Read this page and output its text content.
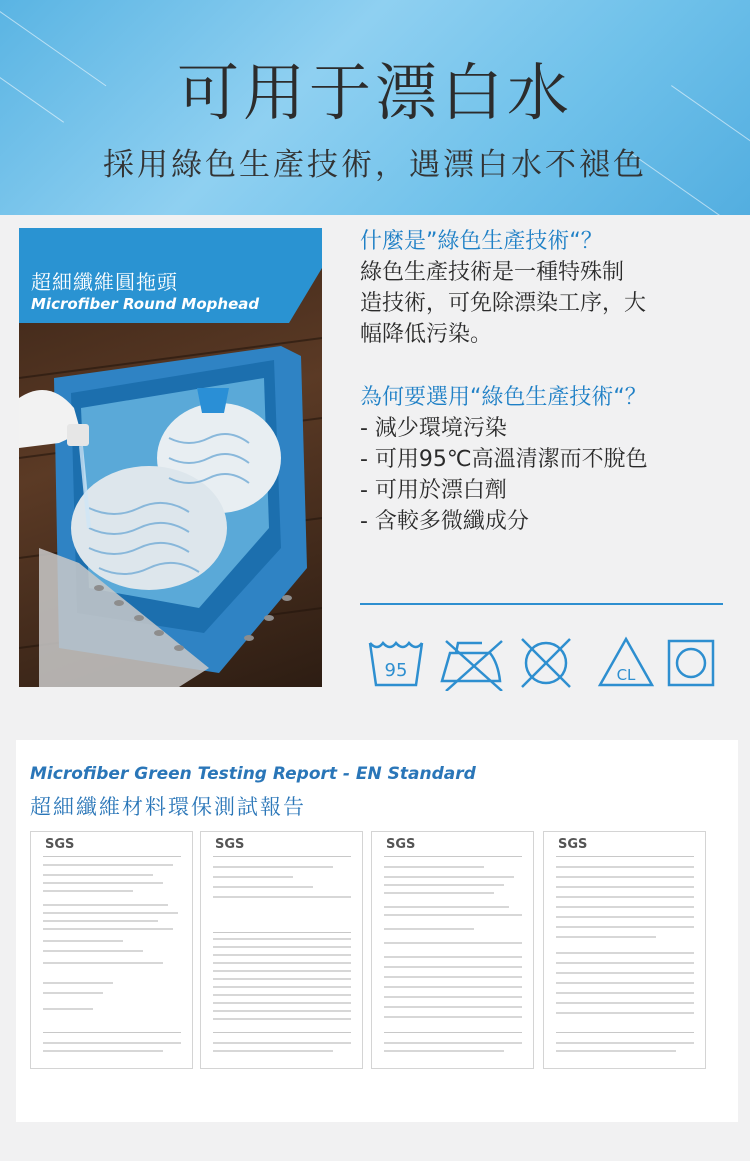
可用于漂白水
採用綠色生產技術，遇漂白水不褪色
超細纖維圓拖頭
Microfiber Round Mophead
什麼是”綠色生產技術“？
綠色生產技術是一種特殊制
造技術，可免除漂染工序，大
幅降低污染。
為何要選用“綠色生產技術“？
- 減少環境污染
- 可用95℃高溫清潔而不脫色
- 可用於漂白劑
- 含較多微纖成分
95	CL
Microfiber Green Testing Report - EN Standard
超細纖維材料環保測試報告
SGS	SGS	SGS	SGS
